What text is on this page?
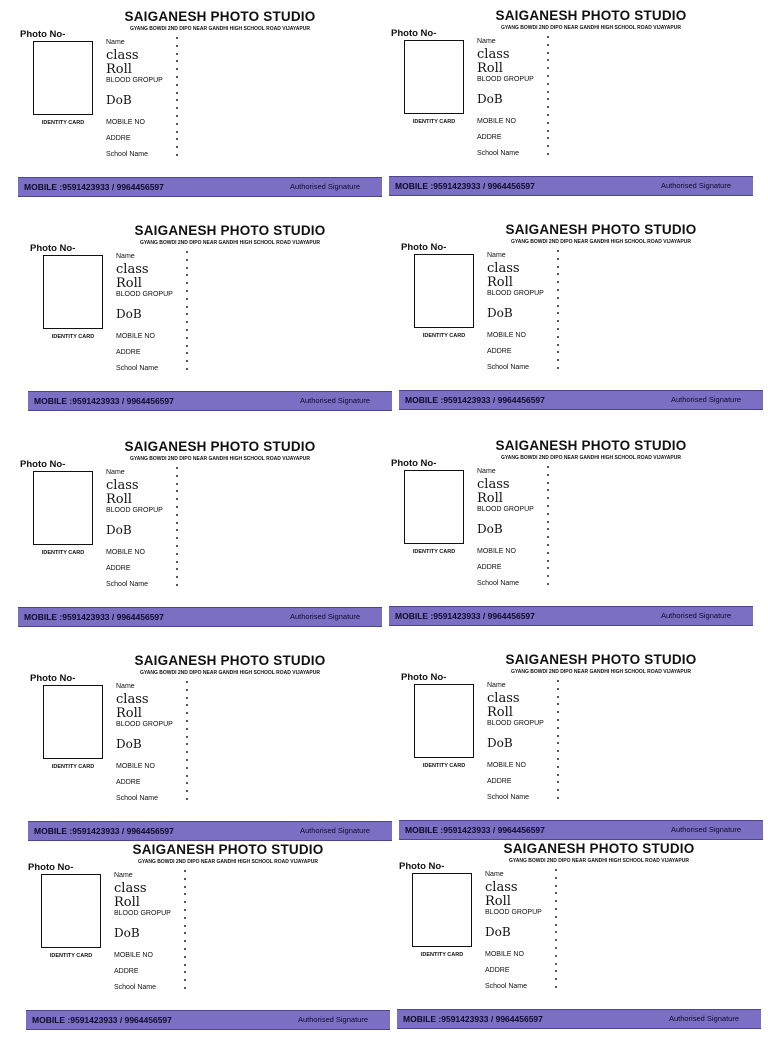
SAIGANESH PHOTO STUDIO
GYANG BOWDI 2ND DIPO NEAR GANDHI HIGH SCHOOL ROAD VIJAYAPUR
Photo No-
IDENTITY CARD
Name
class
Roll
BLOOD GROPUP
DoB
MOBILE NO
ADDRE
School Name
MOBILE :9591423933 / 9964456597	Authorised Signature
SAIGANESH PHOTO STUDIO
GYANG BOWDI 2ND DIPO NEAR GANDHI HIGH SCHOOL ROAD VIJAYAPUR
Photo No-
IDENTITY CARD
Name
class
Roll
BLOOD GROPUP
DoB
MOBILE NO
ADDRE
School Name
MOBILE :9591423933 / 9964456597	Authorised Signature
SAIGANESH PHOTO STUDIO
GYANG BOWDI 2ND DIPO NEAR GANDHI HIGH SCHOOL ROAD VIJAYAPUR
Photo No-
IDENTITY CARD
Name
class
Roll
BLOOD GROPUP
DoB
MOBILE NO
ADDRE
School Name
MOBILE :9591423933 / 9964456597	Authorised Signature
SAIGANESH PHOTO STUDIO
GYANG BOWDI 2ND DIPO NEAR GANDHI HIGH SCHOOL ROAD VIJAYAPUR
Photo No-
IDENTITY CARD
Name
class
Roll
BLOOD GROPUP
DoB
MOBILE NO
ADDRE
School Name
MOBILE :9591423933 / 9964456597	Authorised Signature
SAIGANESH PHOTO STUDIO
GYANG BOWDI 2ND DIPO NEAR GANDHI HIGH SCHOOL ROAD VIJAYAPUR
Photo No-
IDENTITY CARD
Name
class
Roll
BLOOD GROPUP
DoB
MOBILE NO
ADDRE
School Name
MOBILE :9591423933 / 9964456597	Authorised Signature
SAIGANESH PHOTO STUDIO
GYANG BOWDI 2ND DIPO NEAR GANDHI HIGH SCHOOL ROAD VIJAYAPUR
Photo No-
IDENTITY CARD
Name
class
Roll
BLOOD GROPUP
DoB
MOBILE NO
ADDRE
School Name
MOBILE :9591423933 / 9964456597	Authorised Signature
SAIGANESH PHOTO STUDIO
GYANG BOWDI 2ND DIPO NEAR GANDHI HIGH SCHOOL ROAD VIJAYAPUR
Photo No-
IDENTITY CARD
Name
class
Roll
BLOOD GROPUP
DoB
MOBILE NO
ADDRE
School Name
MOBILE :9591423933 / 9964456597	Authorised Signature
SAIGANESH PHOTO STUDIO
GYANG BOWDI 2ND DIPO NEAR GANDHI HIGH SCHOOL ROAD VIJAYAPUR
Photo No-
IDENTITY CARD
Name
class
Roll
BLOOD GROPUP
DoB
MOBILE NO
ADDRE
School Name
MOBILE :9591423933 / 9964456597	Authorised Signature
SAIGANESH PHOTO STUDIO
GYANG BOWDI 2ND DIPO NEAR GANDHI HIGH SCHOOL ROAD VIJAYAPUR
Photo No-
IDENTITY CARD
Name
class
Roll
BLOOD GROPUP
DoB
MOBILE NO
ADDRE
School Name
MOBILE :9591423933 / 9964456597	Authorised Signature
SAIGANESH PHOTO STUDIO
GYANG BOWDI 2ND DIPO NEAR GANDHI HIGH SCHOOL ROAD VIJAYAPUR
Photo No-
IDENTITY CARD
Name
class
Roll
BLOOD GROPUP
DoB
MOBILE NO
ADDRE
School Name
MOBILE :9591423933 / 9964456597	Authorised Signature
